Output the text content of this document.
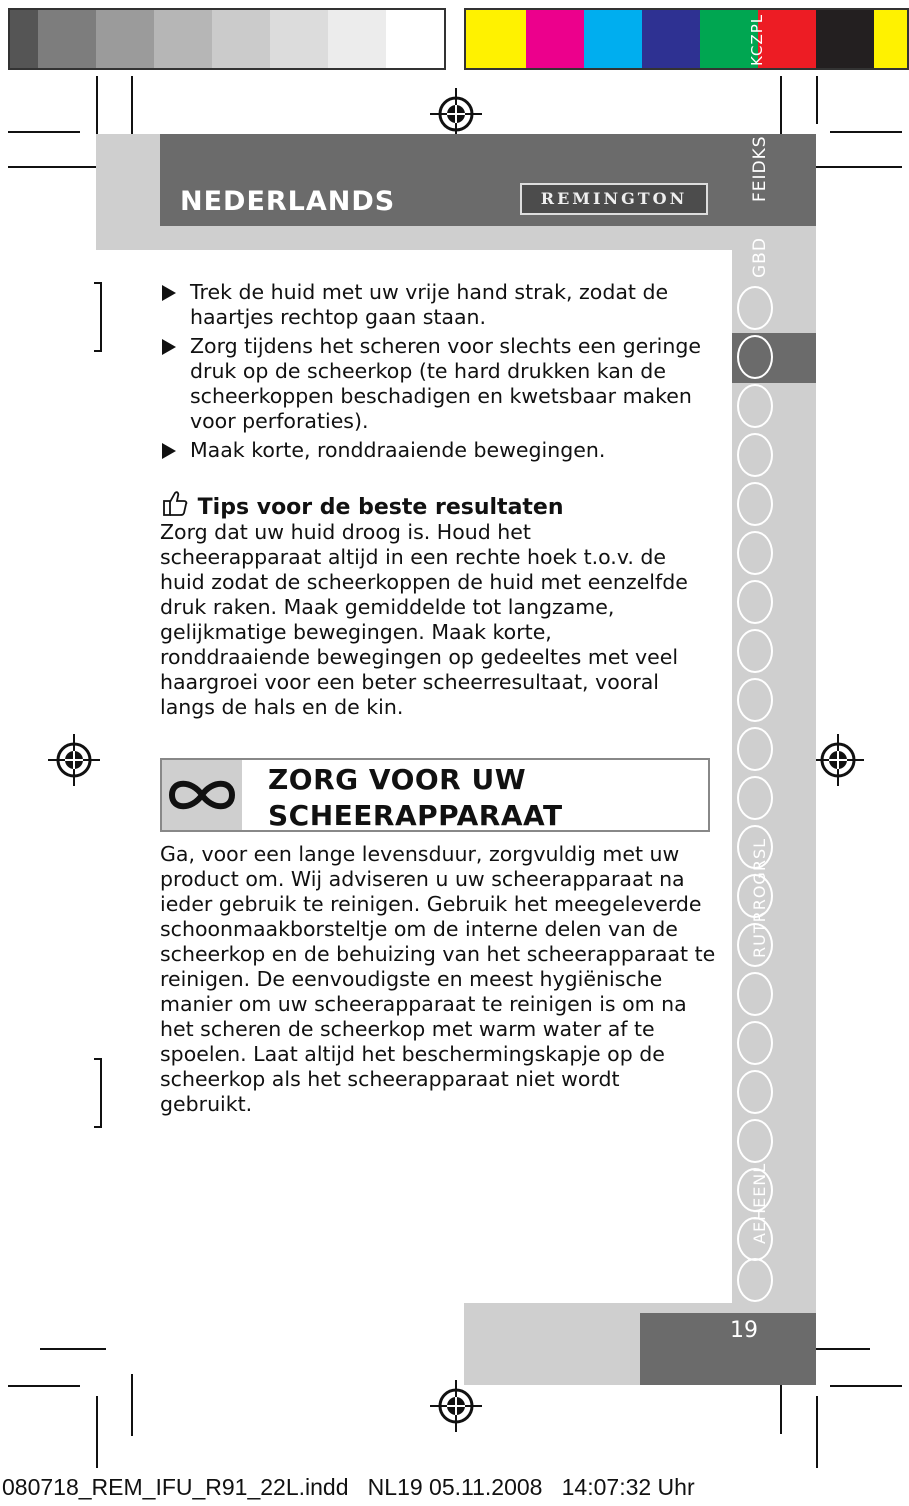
KCZPL
NEDERLANDS	REMINGTON	FEIDKS
GBD
RUTRROGRSL
AEHEENL
19
Trek de huid met uw vrije hand strak, zodat de haartjes rechtop gaan staan.
Zorg tijdens het scheren voor slechts een geringe druk op de scheerkop (te hard drukken kan de scheerkoppen beschadigen en kwetsbaar maken voor perforaties).
Maak korte, ronddraaiende bewegingen.
Tips voor de beste resultaten
Zorg dat uw huid droog is. Houd het scheerapparaat altijd in een rechte hoek t.o.v. de huid zodat de scheerkoppen de huid met eenzelfde druk raken. Maak gemiddelde tot langzame, gelijkmatige bewegingen. Maak korte, ronddraaiende bewegingen op gedeeltes met veel haargroei voor een beter scheerresultaat, vooral langs de hals en de kin.
ZORG VOOR UW
SCHEERAPPARAAT
Ga, voor een lange levensduur, zorgvuldig met uw product om. Wij adviseren u uw scheerapparaat na ieder gebruik te reinigen. Gebruik het meegeleverde schoonmaakborsteltje om de interne delen van de scheerkop en de behuizing van het scheerapparaat te reinigen. De eenvoudigste en meest hygiënische manier om uw scheerapparaat te reinigen is om na het scheren de scheerkop met warm water af te spoelen. Laat altijd het beschermingskapje op de scheerkop als het scheerapparaat niet wordt gebruikt.
080718_REM_IFU_R91_22L.indd   NL19 05.11.2008   14:07:32 Uhr
